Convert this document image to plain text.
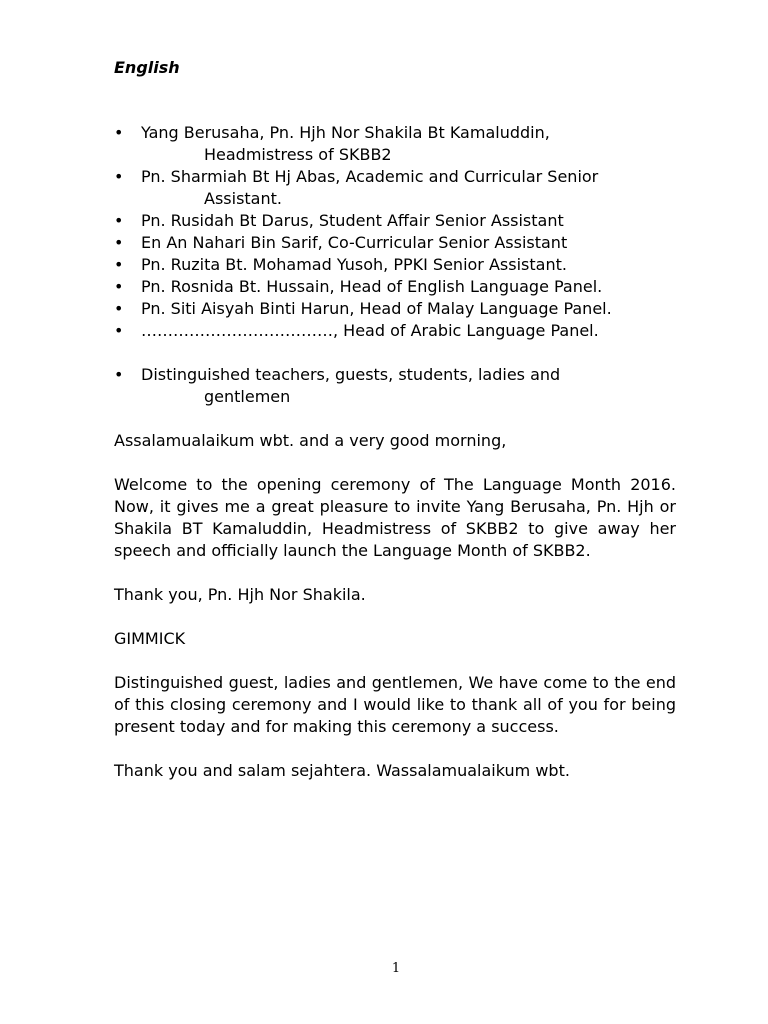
English
• Yang Berusaha, Pn. Hjh Nor Shakila Bt Kamaluddin,
Headmistress of SKBB2
• Pn. Sharmiah Bt Hj Abas, Academic and Curricular Senior
Assistant.
• Pn. Rusidah Bt Darus, Student Affair Senior Assistant
• En An Nahari Bin Sarif, Co-Curricular Senior Assistant
• Pn. Ruzita Bt. Mohamad Yusoh, PPKI Senior Assistant.
• Pn. Rosnida Bt. Hussain, Head of English Language Panel.
• Pn. Siti Aisyah Binti Harun, Head of Malay Language Panel.
• ………………………………, Head of Arabic Language Panel.
• Distinguished teachers, guests, students, ladies and
gentlemen

Assalamualaikum wbt. and a very good morning,

Welcome to the opening ceremony of The Language Month 2016. Now, it gives me a great pleasure to invite Yang Berusaha, Pn. Hjh or Shakila BT Kamaluddin, Headmistress of SKBB2 to give away her speech and officially launch the Language Month of SKBB2.

Thank you, Pn. Hjh Nor Shakila.

GIMMICK

Distinguished guest, ladies and gentlemen, We have come to the end of this closing ceremony and I would like to thank all of you for being present today and for making this ceremony a success.

Thank you and salam sejahtera. Wassalamualaikum wbt.

1
